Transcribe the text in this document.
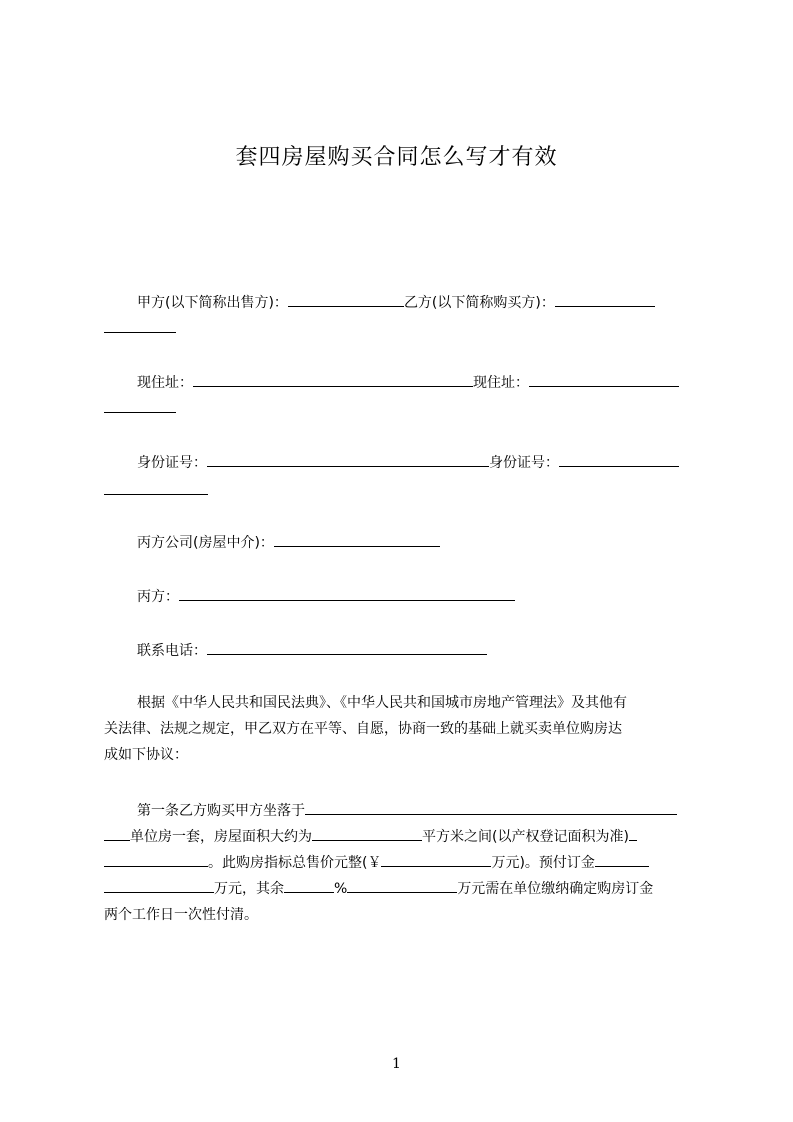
套四房屋购买合同怎么写才有效
甲方(以下简称出售方)：	乙方(以下简称购买方)：
现住址：	现住址：
身份证号：	身份证号：
丙方公司(房屋中介)：
丙方：
联系电话：
根据《中华人民共和国民法典》、《中华人民共和国城市房地产管理法》及其他有
关法律、法规之规定，甲乙双方在平等、自愿，协商一致的基础上就买卖单位购房达
成如下协议：
第一条乙方购买甲方坐落于
单位房一套，房屋面积大约为	平方米之间(以产权登记面积为准)
。此购房指标总售价元整(￥	万元)。预付订金
万元，其余	%	万元需在单位缴纳确定购房订金
两个工作日一次性付清。
1
